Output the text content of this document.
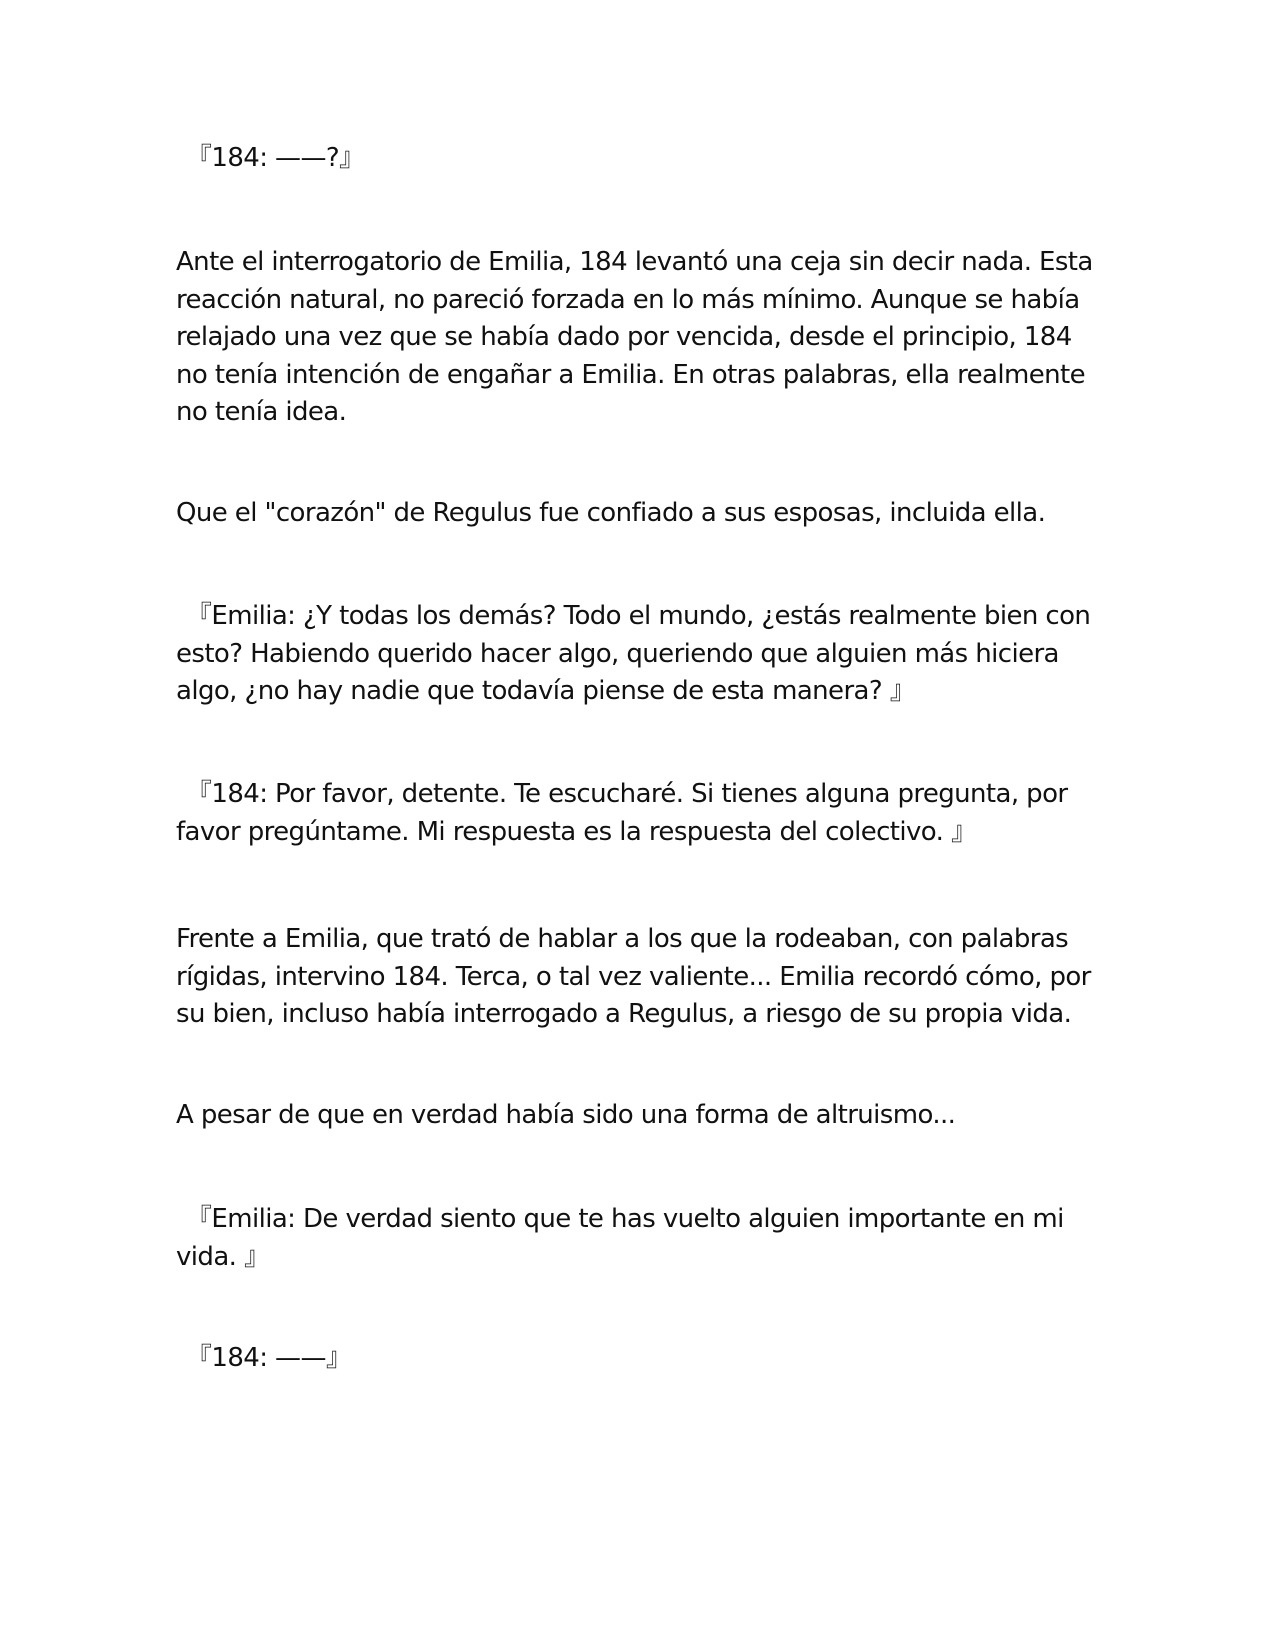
『184: ——?』

Ante el interrogatorio de Emilia, 184 levantó una ceja sin decir nada. Esta reacción natural, no pareció forzada en lo más mínimo. Aunque se había relajado una vez que se había dado por vencida, desde el principio, 184 no tenía intención de engañar a Emilia. En otras palabras, ella realmente no tenía idea.

Que el "corazón" de Regulus fue confiado a sus esposas, incluida ella.

『Emilia: ¿Y todas los demás? Todo el mundo, ¿estás realmente bien con esto? Habiendo querido hacer algo, queriendo que alguien más hiciera algo, ¿no hay nadie que todavía piense de esta manera? 』

『184: Por favor, detente. Te escucharé. Si tienes alguna pregunta, por favor pregúntame. Mi respuesta es la respuesta del colectivo. 』

Frente a Emilia, que trató de hablar a los que la rodeaban, con palabras rígidas, intervino 184. Terca, o tal vez valiente... Emilia recordó cómo, por su bien, incluso había interrogado a Regulus, a riesgo de su propia vida.

A pesar de que en verdad había sido una forma de altruismo...

『Emilia: De verdad siento que te has vuelto alguien importante en mi vida. 』

『184: ——』
